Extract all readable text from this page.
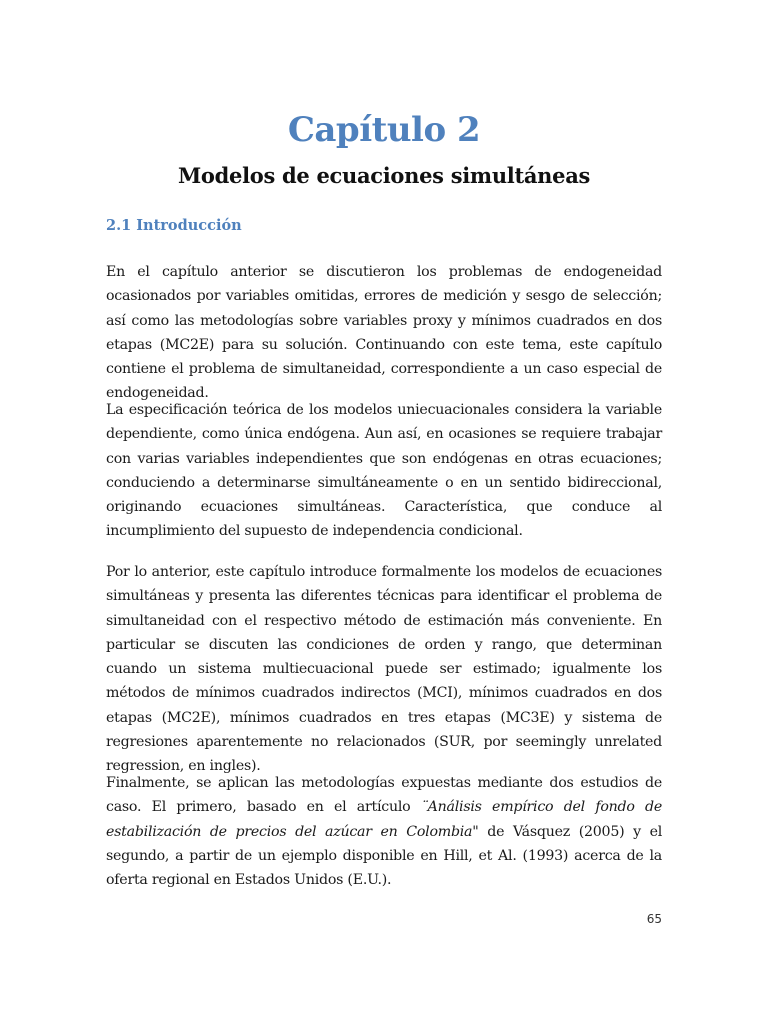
Capítulo 2
Modelos de ecuaciones simultáneas
2.1 Introducción

En el capítulo anterior se discutieron los problemas de endogeneidad ocasionados por variables omitidas, errores de medición y sesgo de selección; así como las metodologías sobre variables proxy y mínimos cuadrados en dos etapas (MC2E) para su solución. Continuando con este tema, este capítulo contiene el problema de simultaneidad, correspondiente a un caso especial de endogeneidad.

La especificación teórica de los modelos uniecuacionales considera la variable dependiente, como única endógena. Aun así, en ocasiones se requiere trabajar con varias variables independientes que son endógenas en otras ecuaciones; conduciendo a determinarse simultáneamente o en un sentido bidireccional, originando ecuaciones simultáneas. Característica, que conduce al incumplimiento del supuesto de independencia condicional.

Por lo anterior, este capítulo introduce formalmente los modelos de ecuaciones simultáneas y presenta las diferentes técnicas para identificar el problema de simultaneidad con el respectivo método de estimación más conveniente. En particular se discuten las condiciones de orden y rango, que determinan cuando un sistema multiecuacional puede ser estimado; igualmente los métodos de mínimos cuadrados indirectos (MCI), mínimos cuadrados en dos etapas (MC2E), mínimos cuadrados en tres etapas (MC3E) y sistema de regresiones aparentemente no relacionados (SUR, por seemingly unrelated regression, en ingles).

Finalmente, se aplican las metodologías expuestas mediante dos estudios de caso. El primero, basado en el artículo ¨Análisis empírico del fondo de estabilización de precios del azúcar en Colombia" de Vásquez (2005) y el segundo, a partir de un ejemplo disponible en Hill, et Al. (1993) acerca de la oferta regional en Estados Unidos (E.U.).

65
